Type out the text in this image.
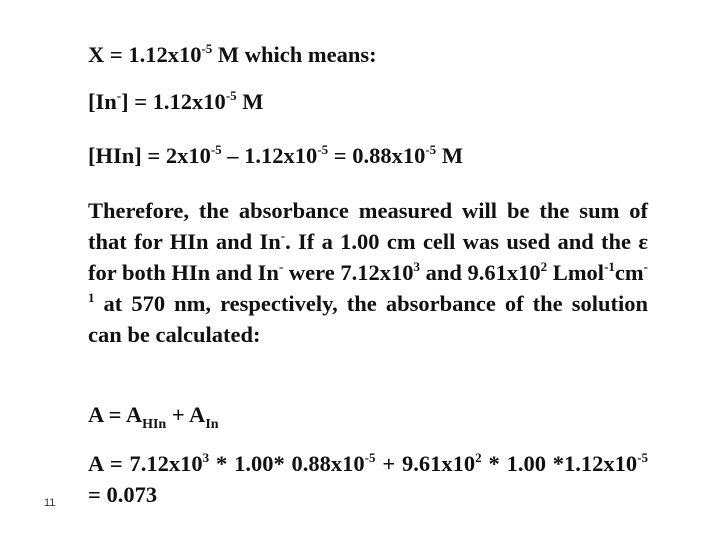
$X = 1.12x10^{-5}$ M which means:

$[In^-] = 1.12x10^{-5}$ M

$[HIn] = 2x10^{-5} - 1.12x10^{-5} = 0.88x10^{-5}$ M

Therefore, the absorbance measured will be the sum of that for HIn and In-. If a 1.00 cm cell was used and the ε for both HIn and In- were $7.12x10^3$ and $9.61x10^2$ $Lmol^{-1}cm^{-1}$ at 570 nm, respectively, the absorbance of the solution can be calculated:

$A = A_{HIn} + A_{In}$

$A = 7.12x10^3 * 1.00*$ $0.88x10^{-5} + 9.61x10^2 * 1.00$ $*1.12x10^{-5} = 0.073$

11
